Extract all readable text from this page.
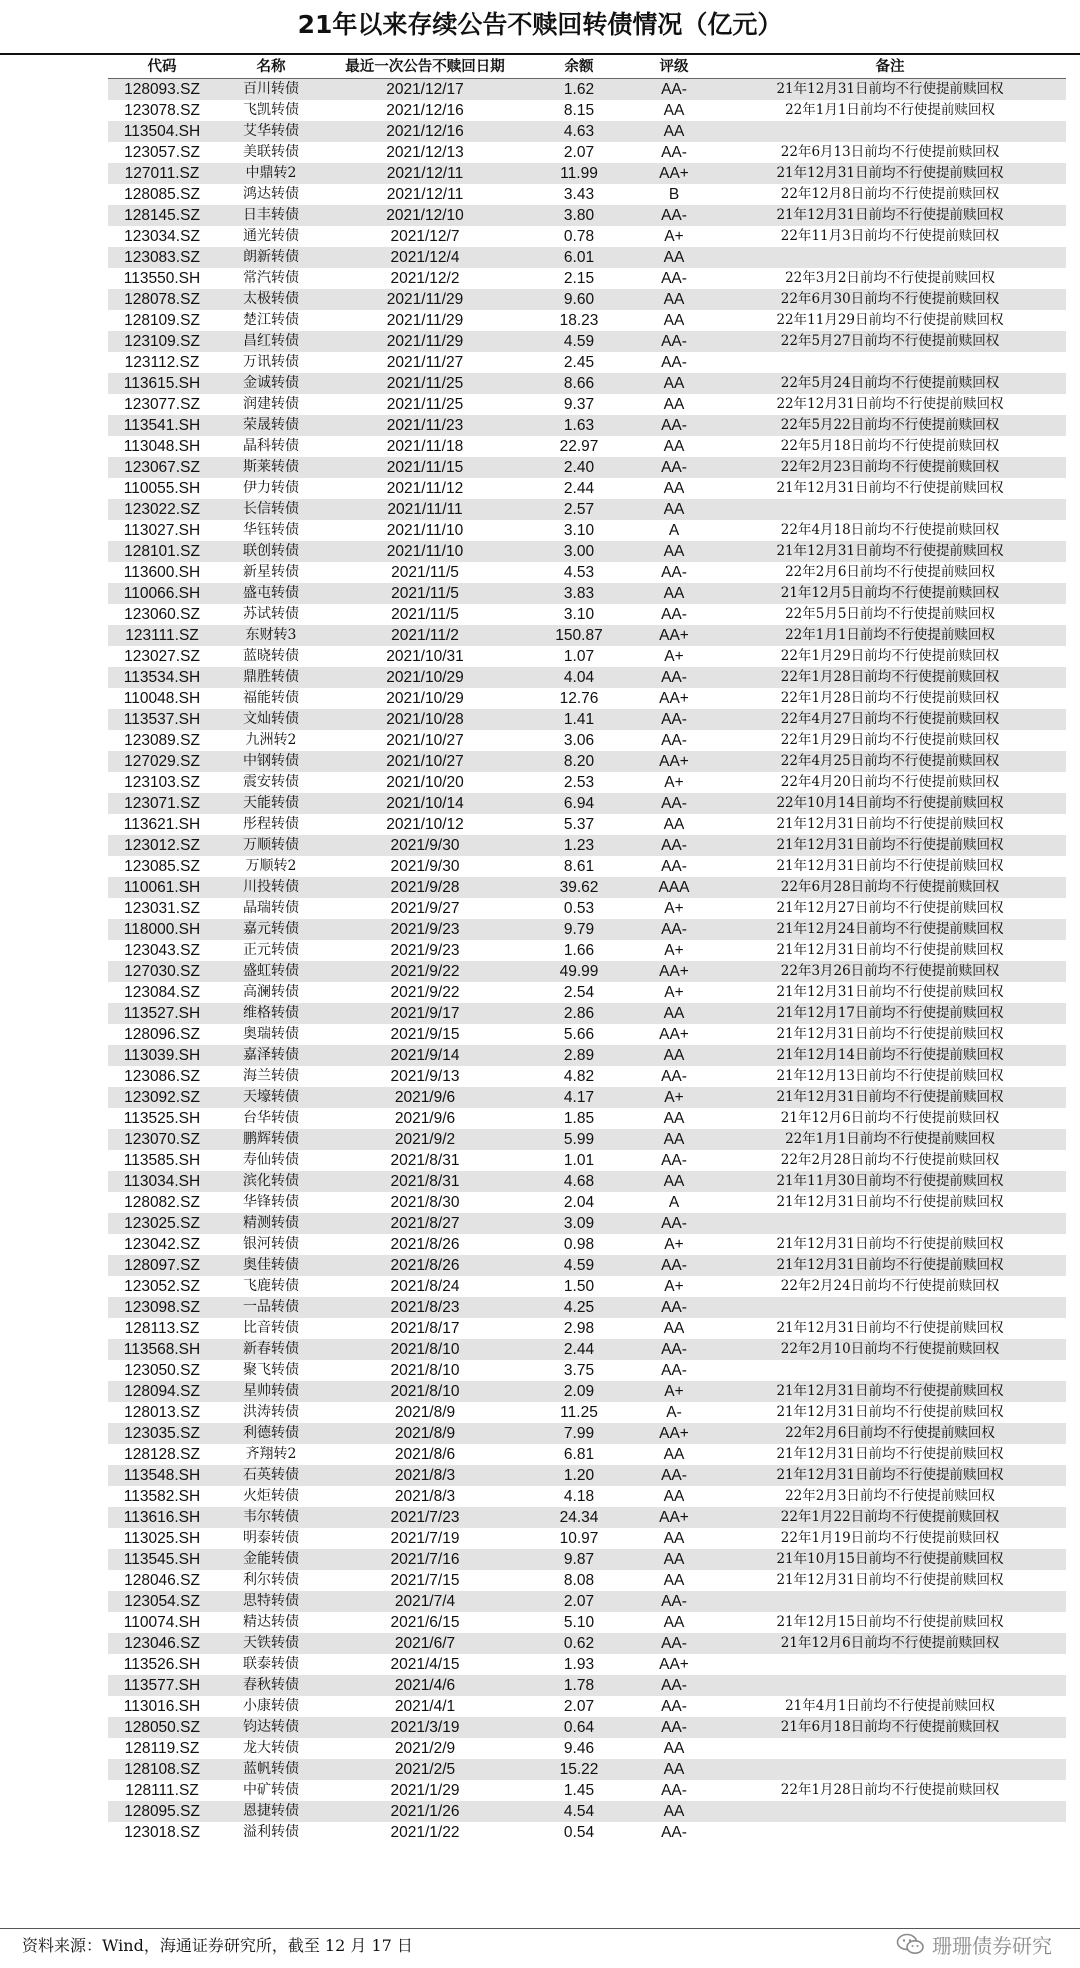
21年以来存续公告不赎回转债情况（亿元）
代码	名称	最近一次公告不赎回日期	余额	评级	备注
128093.SZ	百川转债	2021/12/17	1.62	AA-	21年12月31日前均不行使提前赎回权
123078.SZ	飞凯转债	2021/12/16	8.15	AA	22年1月1日前均不行使提前赎回权
113504.SH	艾华转债	2021/12/16	4.63	AA	
123057.SZ	美联转债	2021/12/13	2.07	AA-	22年6月13日前均不行使提前赎回权
127011.SZ	中鼎转2	2021/12/11	11.99	AA+	21年12月31日前均不行使提前赎回权
128085.SZ	鸿达转债	2021/12/11	3.43	B	22年12月8日前均不行使提前赎回权
128145.SZ	日丰转债	2021/12/10	3.80	AA-	21年12月31日前均不行使提前赎回权
123034.SZ	通光转债	2021/12/7	0.78	A+	22年11月3日前均不行使提前赎回权
123083.SZ	朗新转债	2021/12/4	6.01	AA	
113550.SH	常汽转债	2021/12/2	2.15	AA-	22年3月2日前均不行使提前赎回权
128078.SZ	太极转债	2021/11/29	9.60	AA	22年6月30日前均不行使提前赎回权
128109.SZ	楚江转债	2021/11/29	18.23	AA	22年11月29日前均不行使提前赎回权
123109.SZ	昌红转债	2021/11/29	4.59	AA-	22年5月27日前均不行使提前赎回权
123112.SZ	万讯转债	2021/11/27	2.45	AA-	
113615.SH	金诚转债	2021/11/25	8.66	AA	22年5月24日前均不行使提前赎回权
123077.SZ	润建转债	2021/11/25	9.37	AA	22年12月31日前均不行使提前赎回权
113541.SH	荣晟转债	2021/11/23	1.63	AA-	22年5月22日前均不行使提前赎回权
113048.SH	晶科转债	2021/11/18	22.97	AA	22年5月18日前均不行使提前赎回权
123067.SZ	斯莱转债	2021/11/15	2.40	AA-	22年2月23日前均不行使提前赎回权
110055.SH	伊力转债	2021/11/12	2.44	AA	21年12月31日前均不行使提前赎回权
123022.SZ	长信转债	2021/11/11	2.57	AA	
113027.SH	华钰转债	2021/11/10	3.10	A	22年4月18日前均不行使提前赎回权
128101.SZ	联创转债	2021/11/10	3.00	AA	21年12月31日前均不行使提前赎回权
113600.SH	新星转债	2021/11/5	4.53	AA-	22年2月6日前均不行使提前赎回权
110066.SH	盛屯转债	2021/11/5	3.83	AA	21年12月5日前均不行使提前赎回权
123060.SZ	苏试转债	2021/11/5	3.10	AA-	22年5月5日前均不行使提前赎回权
123111.SZ	东财转3	2021/11/2	150.87	AA+	22年1月1日前均不行使提前赎回权
123027.SZ	蓝晓转债	2021/10/31	1.07	A+	22年1月29日前均不行使提前赎回权
113534.SH	鼎胜转债	2021/10/29	4.04	AA-	22年1月28日前均不行使提前赎回权
110048.SH	福能转债	2021/10/29	12.76	AA+	22年1月28日前均不行使提前赎回权
113537.SH	文灿转债	2021/10/28	1.41	AA-	22年4月27日前均不行使提前赎回权
123089.SZ	九洲转2	2021/10/27	3.06	AA-	22年1月29日前均不行使提前赎回权
127029.SZ	中钢转债	2021/10/27	8.20	AA+	22年4月25日前均不行使提前赎回权
123103.SZ	震安转债	2021/10/20	2.53	A+	22年4月20日前均不行使提前赎回权
123071.SZ	天能转债	2021/10/14	6.94	AA-	22年10月14日前均不行使提前赎回权
113621.SH	彤程转债	2021/10/12	5.37	AA	21年12月31日前均不行使提前赎回权
123012.SZ	万顺转债	2021/9/30	1.23	AA-	21年12月31日前均不行使提前赎回权
123085.SZ	万顺转2	2021/9/30	8.61	AA-	21年12月31日前均不行使提前赎回权
110061.SH	川投转债	2021/9/28	39.62	AAA	22年6月28日前均不行使提前赎回权
123031.SZ	晶瑞转债	2021/9/27	0.53	A+	21年12月27日前均不行使提前赎回权
118000.SH	嘉元转债	2021/9/23	9.79	AA-	21年12月24日前均不行使提前赎回权
123043.SZ	正元转债	2021/9/23	1.66	A+	21年12月31日前均不行使提前赎回权
127030.SZ	盛虹转债	2021/9/22	49.99	AA+	22年3月26日前均不行使提前赎回权
123084.SZ	高澜转债	2021/9/22	2.54	A+	21年12月31日前均不行使提前赎回权
113527.SH	维格转债	2021/9/17	2.86	AA	21年12月17日前均不行使提前赎回权
128096.SZ	奥瑞转债	2021/9/15	5.66	AA+	21年12月31日前均不行使提前赎回权
113039.SH	嘉泽转债	2021/9/14	2.89	AA	21年12月14日前均不行使提前赎回权
123086.SZ	海兰转债	2021/9/13	4.82	AA-	21年12月13日前均不行使提前赎回权
123092.SZ	天壕转债	2021/9/6	4.17	A+	21年12月31日前均不行使提前赎回权
113525.SH	台华转债	2021/9/6	1.85	AA	21年12月6日前均不行使提前赎回权
123070.SZ	鹏辉转债	2021/9/2	5.99	AA	22年1月1日前均不行使提前赎回权
113585.SH	寿仙转债	2021/8/31	1.01	AA-	22年2月28日前均不行使提前赎回权
113034.SH	滨化转债	2021/8/31	4.68	AA	21年11月30日前均不行使提前赎回权
128082.SZ	华锋转债	2021/8/30	2.04	A	21年12月31日前均不行使提前赎回权
123025.SZ	精测转债	2021/8/27	3.09	AA-	
123042.SZ	银河转债	2021/8/26	0.98	A+	21年12月31日前均不行使提前赎回权
128097.SZ	奥佳转债	2021/8/26	4.59	AA-	21年12月31日前均不行使提前赎回权
123052.SZ	飞鹿转债	2021/8/24	1.50	A+	22年2月24日前均不行使提前赎回权
123098.SZ	一品转债	2021/8/23	4.25	AA-	
128113.SZ	比音转债	2021/8/17	2.98	AA	21年12月31日前均不行使提前赎回权
113568.SH	新春转债	2021/8/10	2.44	AA-	22年2月10日前均不行使提前赎回权
123050.SZ	聚飞转债	2021/8/10	3.75	AA-	
128094.SZ	星帅转债	2021/8/10	2.09	A+	21年12月31日前均不行使提前赎回权
128013.SZ	洪涛转债	2021/8/9	11.25	A-	21年12月31日前均不行使提前赎回权
123035.SZ	利德转债	2021/8/9	7.99	AA+	22年2月6日前均不行使提前赎回权
128128.SZ	齐翔转2	2021/8/6	6.81	AA	21年12月31日前均不行使提前赎回权
113548.SH	石英转债	2021/8/3	1.20	AA-	21年12月31日前均不行使提前赎回权
113582.SH	火炬转债	2021/8/3	4.18	AA	22年2月3日前均不行使提前赎回权
113616.SH	韦尔转债	2021/7/23	24.34	AA+	22年1月22日前均不行使提前赎回权
113025.SH	明泰转债	2021/7/19	10.97	AA	22年1月19日前均不行使提前赎回权
113545.SH	金能转债	2021/7/16	9.87	AA	21年10月15日前均不行使提前赎回权
128046.SZ	利尔转债	2021/7/15	8.08	AA	21年12月31日前均不行使提前赎回权
123054.SZ	思特转债	2021/7/4	2.07	AA-	
110074.SH	精达转债	2021/6/15	5.10	AA	21年12月15日前均不行使提前赎回权
123046.SZ	天铁转债	2021/6/7	0.62	AA-	21年12月6日前均不行使提前赎回权
113526.SH	联泰转债	2021/4/15	1.93	AA+	
113577.SH	春秋转债	2021/4/6	1.78	AA-	
113016.SH	小康转债	2021/4/1	2.07	AA-	21年4月1日前均不行使提前赎回权
128050.SZ	钧达转债	2021/3/19	0.64	AA-	21年6月18日前均不行使提前赎回权
128119.SZ	龙大转债	2021/2/9	9.46	AA	
128108.SZ	蓝帆转债	2021/2/5	15.22	AA	
128111.SZ	中矿转债	2021/1/29	1.45	AA-	22年1月28日前均不行使提前赎回权
128095.SZ	恩捷转债	2021/1/26	4.54	AA	
123018.SZ	溢利转债	2021/1/22	0.54	AA-	
资料来源：Wind，海通证券研究所，截至 12 月 17 日	珊珊债券研究
